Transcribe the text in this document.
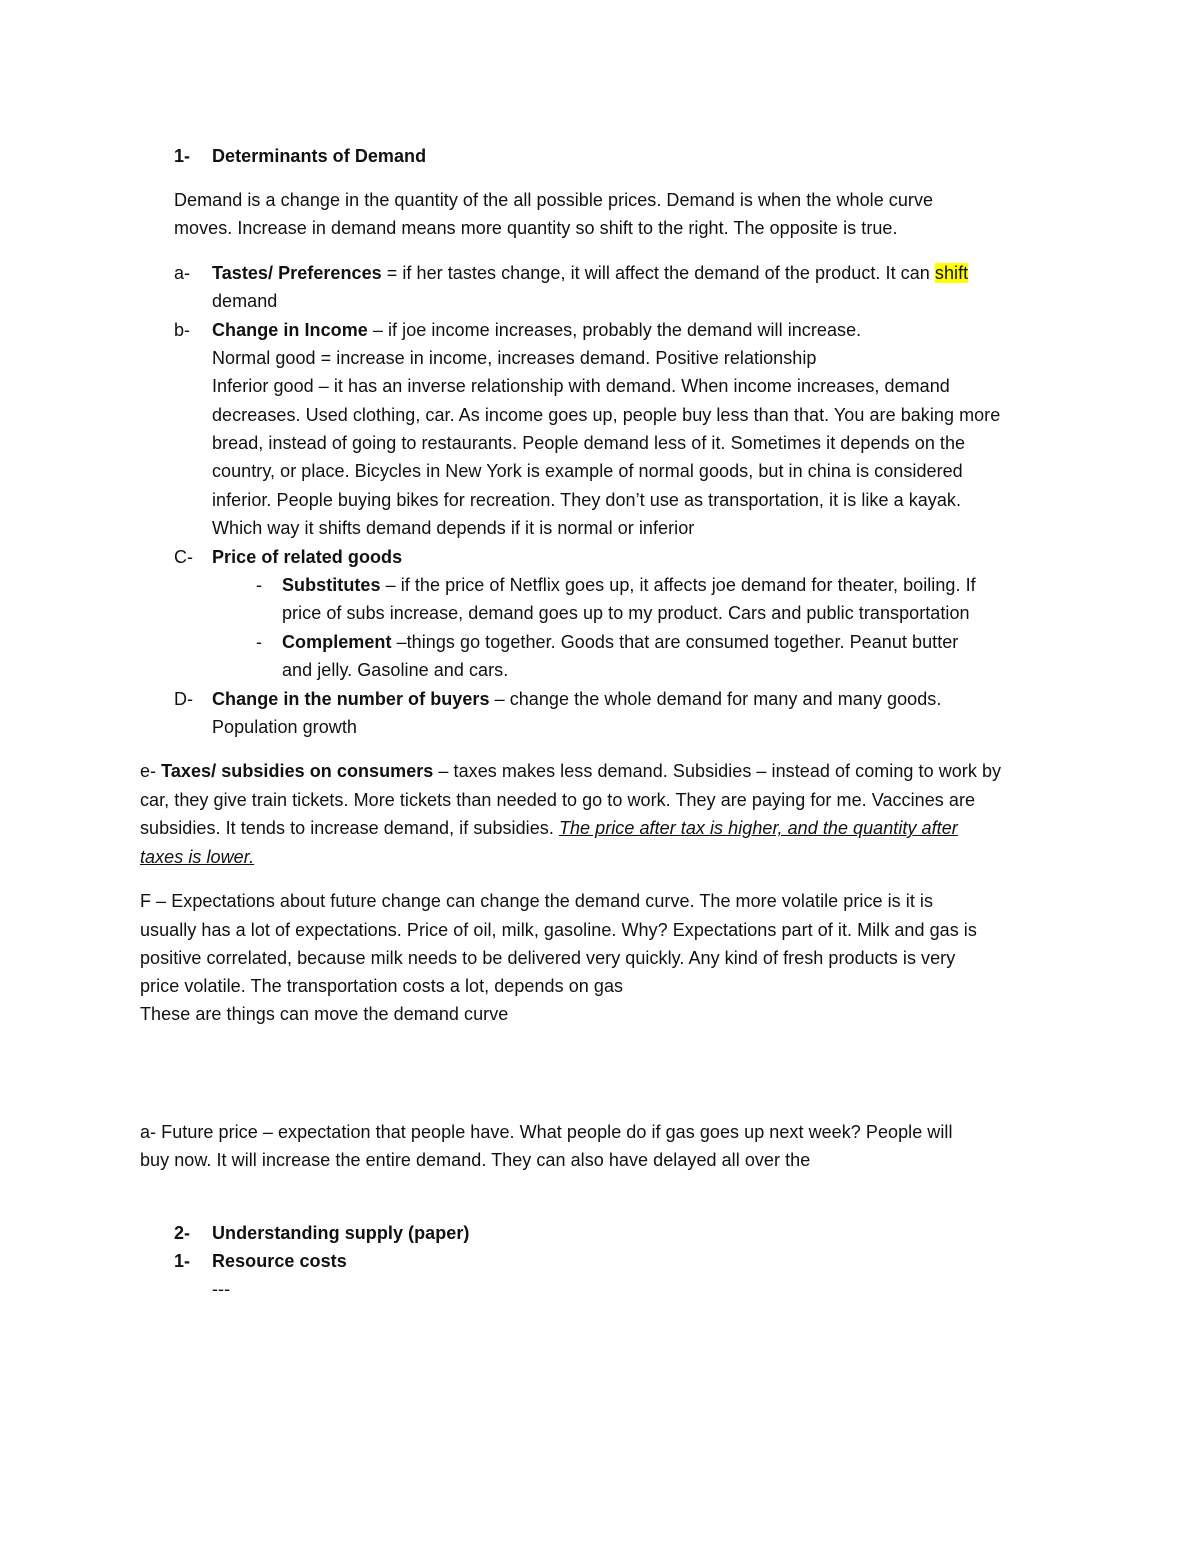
1- Determinants of Demand
Demand is a change in the quantity of the all possible prices. Demand is when the whole curve
moves. Increase in demand means more quantity so shift to the right. The opposite is true.
a- Tastes/ Preferences = if her tastes change, it will affect the demand of the product. It can shift
demand
b- Change in Income – if joe income increases, probably the demand will increase.
Normal good = increase in income, increases demand. Positive relationship
Inferior good – it has an inverse relationship with demand. When income increases, demand
decreases. Used clothing, car. As income goes up, people buy less than that. You are baking more
bread, instead of going to restaurants. People demand less of it. Sometimes it depends on the
country, or place. Bicycles in New York is example of normal goods, but in china is considered
inferior. People buying bikes for recreation. They don’t use as transportation, it is like a kayak.
Which way it shifts demand depends if it is normal or inferior
C- Price of related goods
- Substitutes – if the price of Netflix goes up, it affects joe demand for theater, boiling. If
price of subs increase, demand goes up to my product. Cars and public transportation
- Complement –things go together. Goods that are consumed together. Peanut butter
and jelly. Gasoline and cars.
D- Change in the number of buyers – change the whole demand for many and many goods.
Population growth
e- Taxes/ subsidies on consumers – taxes makes less demand. Subsidies – instead of coming to work by
car, they give train tickets. More tickets than needed to go to work. They are paying for me. Vaccines are
subsidies. It tends to increase demand, if subsidies. The price after tax is higher, and the quantity after
taxes is lower.
F – Expectations about future change can change the demand curve. The more volatile price is it is
usually has a lot of expectations. Price of oil, milk, gasoline. Why? Expectations part of it. Milk and gas is
positive correlated, because milk needs to be delivered very quickly. Any kind of fresh products is very
price volatile. The transportation costs a lot, depends on gas
These are things can move the demand curve
a- Future price – expectation that people have. What people do if gas goes up next week? People will
buy now. It will increase the entire demand. They can also have delayed all over the
2- Understanding supply (paper)
1- Resource costs
---
